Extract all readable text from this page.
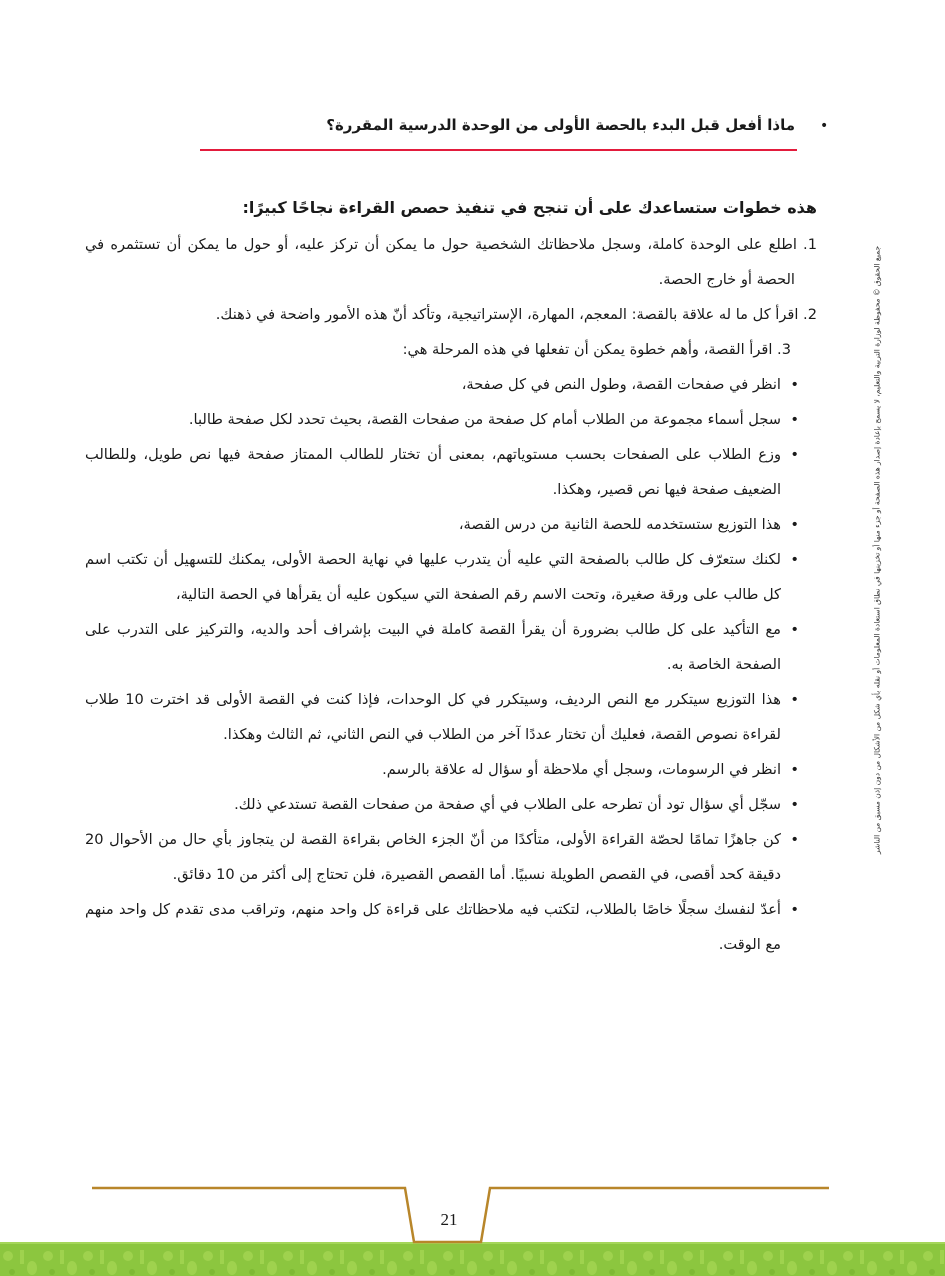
•
ماذا أفعل قبل البدء بالحصة الأولى من الوحدة الدرسية المقررة؟
هذه خطوات ستساعدك على أن تنجح في تنفيذ حصص القراءة نجاحًا كبيرًا:
1. اطلع على الوحدة كاملة، وسجل ملاحظاتك الشخصية حول ما يمكن أن تركز عليه، أو حول ما يمكن أن تستثمره في الحصة أو خارج الحصة.
2. اقرأ كل ما له علاقة بالقصة: المعجم، المهارة، الإستراتيجية، وتأكد أنّ هذه الأمور واضحة في ذهنك.
3. اقرأ القصة، وأهم خطوة يمكن أن تفعلها في هذه المرحلة هي:
• انظر في صفحات القصة، وطول النص في كل صفحة،
• سجل أسماء مجموعة من الطلاب أمام كل صفحة من صفحات القصة، بحيث تحدد لكل صفحة طالبا.
• وزع الطلاب على الصفحات بحسب مستوياتهم، بمعنى أن تختار للطالب الممتاز صفحة فيها نص طويل، وللطالب الضعيف صفحة فيها نص قصير، وهكذا.
• هذا التوزيع ستستخدمه للحصة الثانية من درس القصة،
• لكنك ستعرّف كل طالب بالصفحة التي عليه أن يتدرب عليها في نهاية الحصة الأولى، يمكنك للتسهيل أن تكتب اسم كل طالب على ورقة صغيرة، وتحت الاسم رقم الصفحة التي سيكون عليه أن يقرأها في الحصة التالية،
• مع التأكيد على كل طالب بضرورة أن يقرأ القصة كاملة في البيت بإشراف أحد والديه، والتركيز على التدرب على الصفحة الخاصة به.
• هذا التوزيع سيتكرر مع النص الرديف، وسيتكرر في كل الوحدات، فإذا كنت في القصة الأولى قد اخترت 10 طلاب لقراءة نصوص القصة، فعليك أن تختار عددًا آخر من الطلاب في النص الثاني، ثم الثالث وهكذا.
• انظر في الرسومات، وسجل أي ملاحظة أو سؤال له علاقة بالرسم.
• سجّل أي سؤال تود أن تطرحه على الطلاب في أي صفحة من صفحات القصة تستدعي ذلك.
• كن جاهزًا تمامًا لحصّة القراءة الأولى، متأكدًا من أنّ الجزء الخاص بقراءة القصة لن يتجاوز بأي حال من الأحوال 20 دقيقة كحد أقصى، في القصص الطويلة نسبيًا. أما القصص القصيرة، فلن تحتاج إلى أكثر من 10 دقائق.
• أعدّ لنفسك سجلًا خاصًا بالطلاب، لتكتب فيه ملاحظاتك على قراءة كل واحد منهم، وتراقب مدى تقدم كل واحد منهم مع الوقت.
جميع الحقوق © محفوظة لوزارة التربية والتعليم، لا يسمح بإعادة إصدار هذه الصفحة أو جزء منها أو تخزينها في نطاق استعادة المعلومات أو نقله بأي شكل من الأشكال من دون إذن مسبق من الناشر
21
